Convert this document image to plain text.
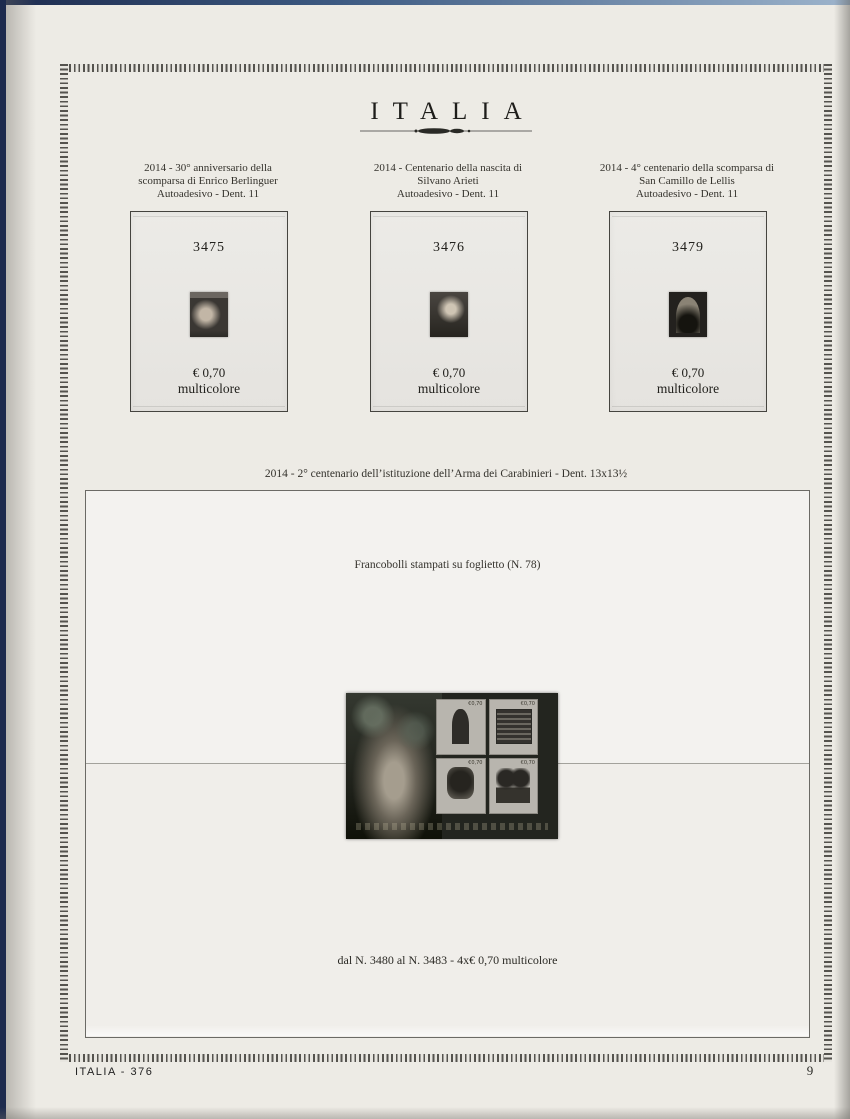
ITALIA
2014 - 30° anniversario della
scomparsa di Enrico Berlinguer
Autoadesivo - Dent. 11
2014 - Centenario della nascita di
Silvano Arieti
Autoadesivo - Dent. 11
2014 - 4° centenario della scomparsa di
San Camillo de Lellis
Autoadesivo - Dent. 11
3475
€ 0,70
multicolore
3476
€ 0,70
multicolore
3479
€ 0,70
multicolore
2014 - 2° centenario dell’istituzione dell’Arma dei Carabinieri - Dent. 13x13½
Francobolli stampati su foglietto (N. 78)
€0,70	€0,70
€0,70	€0,70
dal N. 3480 al N. 3483 - 4x€ 0,70 multicolore
ITALIA - 376	9
